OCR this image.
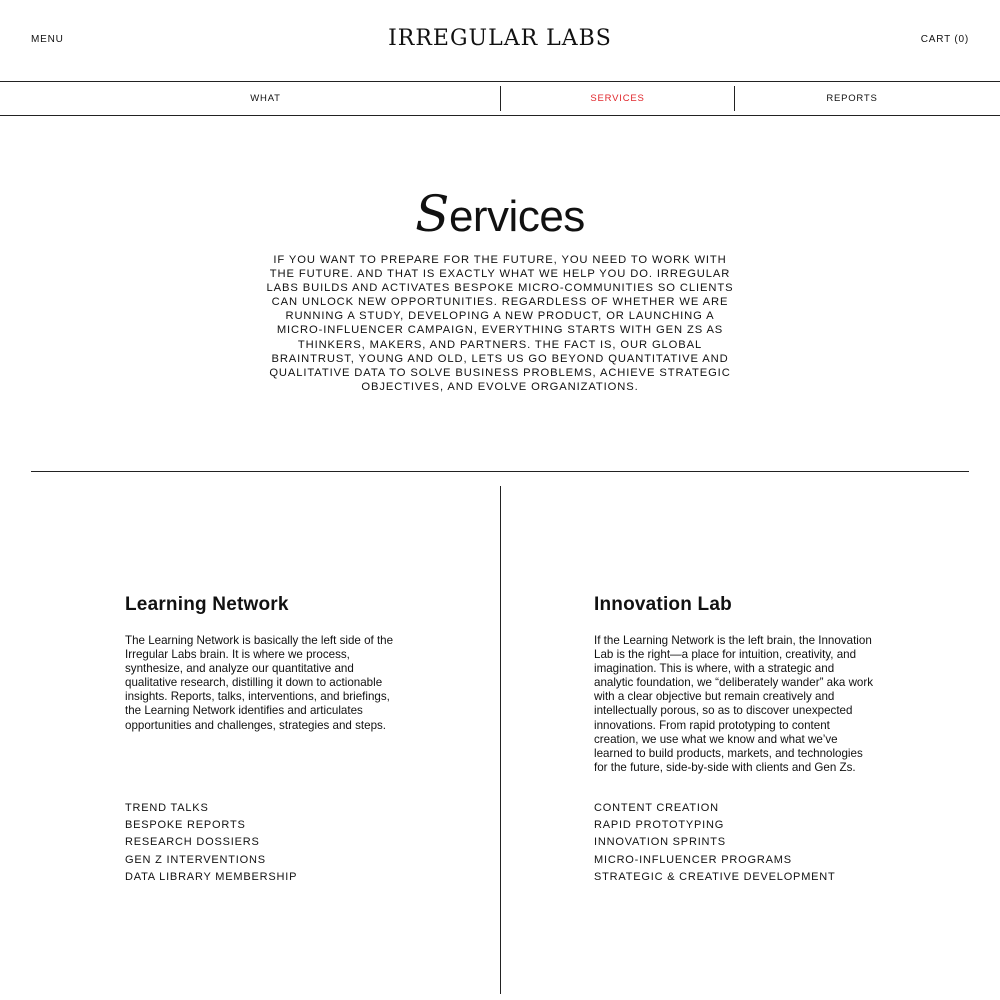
MENU	IRREGULAR LABS	CART (0)
WHAT	SERVICES	REPORTS
Services

IF YOU WANT TO PREPARE FOR THE FUTURE, YOU NEED TO WORK WITH THE FUTURE. AND THAT IS EXACTLY WHAT WE HELP YOU DO. IRREGULAR LABS BUILDS AND ACTIVATES BESPOKE MICRO-COMMUNITIES SO CLIENTS CAN UNLOCK NEW OPPORTUNITIES. REGARDLESS OF WHETHER WE ARE RUNNING A STUDY, DEVELOPING A NEW PRODUCT, OR LAUNCHING A MICRO-INFLUENCER CAMPAIGN, EVERYTHING STARTS WITH GEN ZS AS THINKERS, MAKERS, AND PARTNERS. THE FACT IS, OUR GLOBAL BRAINTRUST, YOUNG AND OLD, LETS US GO BEYOND QUANTITATIVE AND QUALITATIVE DATA TO SOLVE BUSINESS PROBLEMS, ACHIEVE STRATEGIC OBJECTIVES, AND EVOLVE ORGANIZATIONS.

Learning Network

The Learning Network is basically the left side of the Irregular Labs brain. It is where we process, synthesize, and analyze our quantitative and qualitative research, distilling it down to actionable insights. Reports, talks, interventions, and briefings, the Learning Network identifies and articulates opportunities and challenges, strategies and steps.

TREND TALKS
BESPOKE REPORTS
RESEARCH DOSSIERS
GEN Z INTERVENTIONS
DATA LIBRARY MEMBERSHIP
Innovation Lab

If the Learning Network is the left brain, the Innovation Lab is the right—a place for intuition, creativity, and imagination. This is where, with a strategic and analytic foundation, we “deliberately wander” aka work with a clear objective but remain creatively and intellectually porous, so as to discover unexpected innovations. From rapid prototyping to content creation, we use what we know and what we’ve learned to build products, markets, and technologies for the future, side-by-side with clients and Gen Zs.

CONTENT CREATION
RAPID PROTOTYPING
INNOVATION SPRINTS
MICRO-INFLUENCER PROGRAMS
STRATEGIC & CREATIVE DEVELOPMENT
